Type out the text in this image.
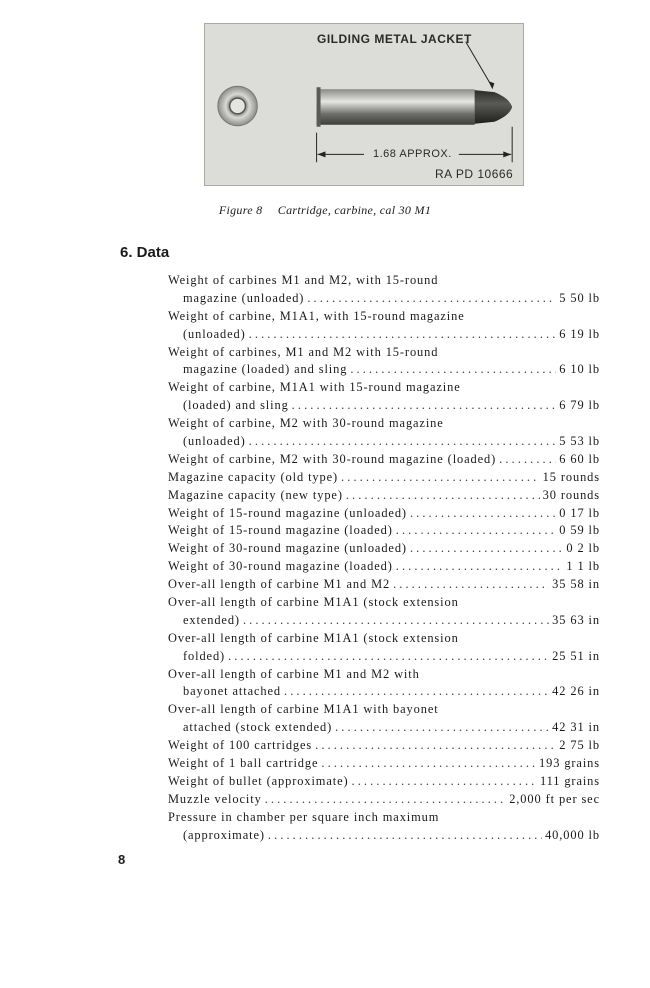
GILDING METAL JACKET
1.68 APPROX.
RA PD 10666
Figure 8 Cartridge, carbine, cal 30 M1
6. Data
Weight of carbines M1 and M2, with 15-round
magazine (unloaded) . . .	5 50 lb
Weight of carbine, M1A1, with 15-round magazine
(unloaded) . . .	6 19 lb
Weight of carbines, M1 and M2 with 15-round
magazine (loaded) and sling . . .	6 10 lb
Weight of carbine, M1A1 with 15-round magazine
(loaded) and sling . . .	6 79 lb
Weight of carbine, M2 with 30-round magazine
(unloaded) . . .	5 53 lb
Weight of carbine, M2 with 30-round magazine (loaded) . . .	6 60 lb
Magazine capacity (old type) . . .	15 rounds
Magazine capacity (new type) . . .	30 rounds
Weight of 15-round magazine (unloaded) . . .	0 17 lb
Weight of 15-round magazine (loaded) . . .	0 59 lb
Weight of 30-round magazine (unloaded) . . .	0 2 lb
Weight of 30-round magazine (loaded) . . .	1 1 lb
Over-all length of carbine M1 and M2 . . .	35 58 in
Over-all length of carbine M1A1 (stock extension
extended) . . .	35 63 in
Over-all length of carbine M1A1 (stock extension
folded) . . .	25 51 in
Over-all length of carbine M1 and M2 with
bayonet attached . . .	42 26 in
Over-all length of carbine M1A1 with bayonet
attached (stock extended) . . .	42 31 in
Weight of 100 cartridges . . .	2 75 lb
Weight of 1 ball cartridge . . .	193 grains
Weight of bullet (approximate) . . .	111 grains
Muzzle velocity . . .	2,000 ft per sec
Pressure in chamber per square inch maximum
(approximate) . . .	40,000 lb
8
